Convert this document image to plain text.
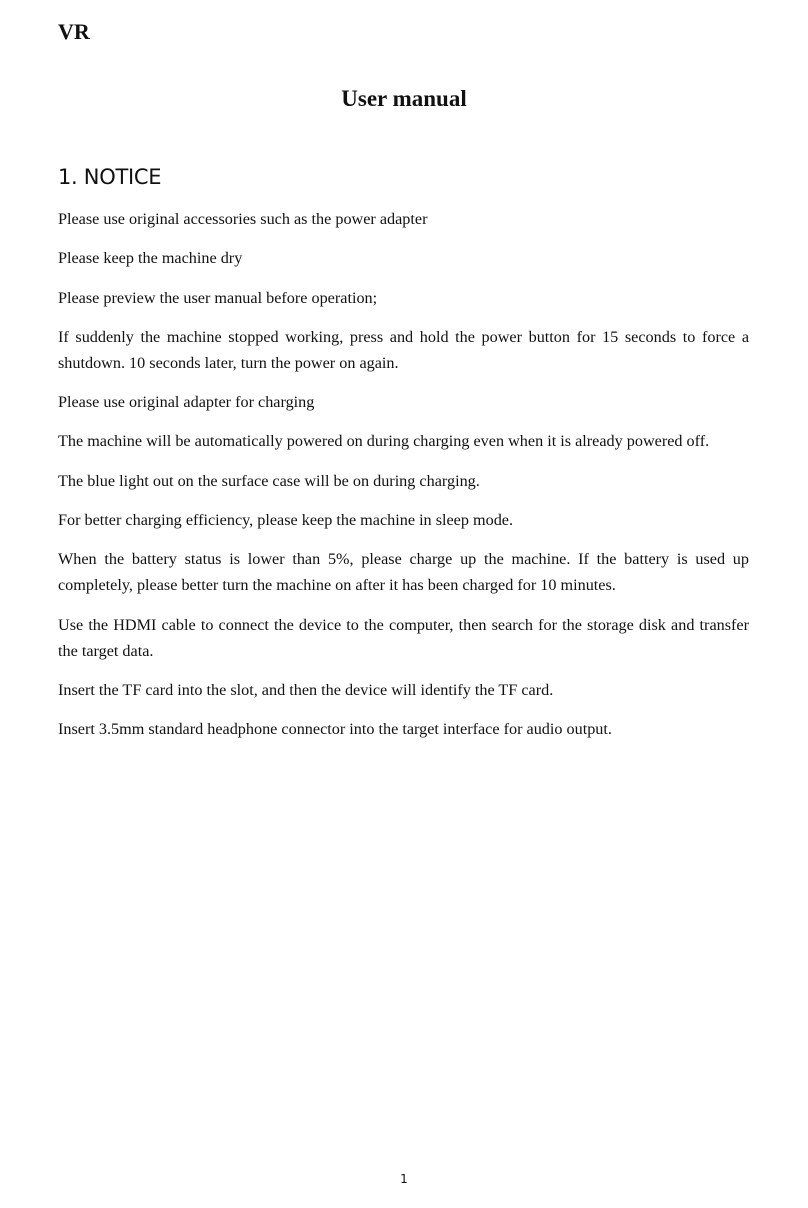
VR
User manual
1. NOTICE
Please use original accessories such as the power adapter
Please keep the machine dry
Please preview the user manual before operation;
If suddenly the machine stopped working, press and hold the power button for 15 seconds to force a shutdown. 10 seconds later, turn the power on again.
Please use original adapter for charging
The machine will be automatically powered on during charging even when it is already powered off.
The blue light out on the surface case will be on during charging.
For better charging efficiency, please keep the machine in sleep mode.
When the battery status is lower than 5%, please charge up the machine. If the battery is used up completely, please better turn the machine on after it has been charged for 10 minutes.
Use the HDMI cable to connect the device to the computer, then search for the storage disk and transfer the target data.
Insert the TF card into the slot, and then the device will identify the TF card.
Insert 3.5mm standard headphone connector into the target interface for audio output.
1
